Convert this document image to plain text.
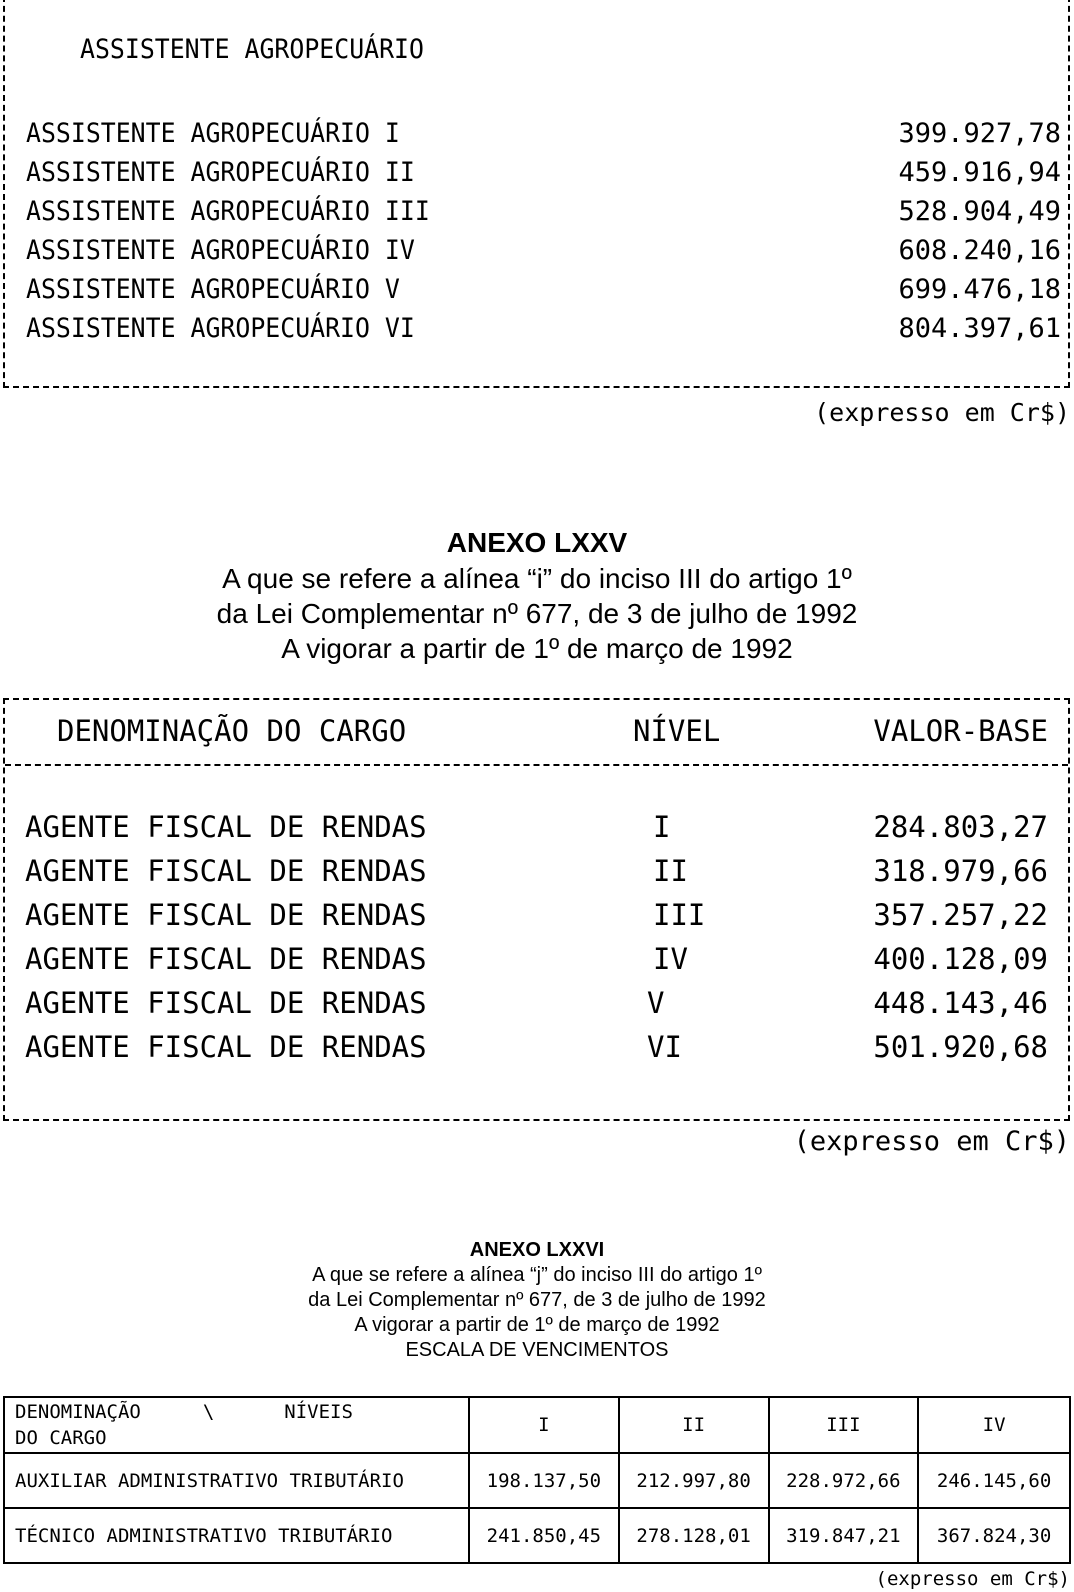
ASSISTENTE AGROPECUÁRIO
ASSISTENTE AGROPECUÁRIO I	399.927,78
ASSISTENTE AGROPECUÁRIO II	459.916,94
ASSISTENTE AGROPECUÁRIO III	528.904,49
ASSISTENTE AGROPECUÁRIO IV	608.240,16
ASSISTENTE AGROPECUÁRIO V	699.476,18
ASSISTENTE AGROPECUÁRIO VI	804.397,61
(expresso em Cr$)
ANEXO LXXV
A que se refere a alínea “i” do inciso III do artigo 1º
da Lei Complementar nº 677, de 3 de julho de 1992
A vigorar a partir de 1º de março de 1992
DENOMINAÇÃO DO CARGO	NÍVEL	VALOR-BASE
AGENTE FISCAL DE RENDAS	I	284.803,27
AGENTE FISCAL DE RENDAS	II	318.979,66
AGENTE FISCAL DE RENDAS	III	357.257,22
AGENTE FISCAL DE RENDAS	IV	400.128,09
AGENTE FISCAL DE RENDAS	V	448.143,46
AGENTE FISCAL DE RENDAS	VI	501.920,68
(expresso em Cr$)
ANEXO LXXVI
A que se refere a alínea “j” do inciso III do artigo 1º
da Lei Complementar nº 677, de 3 de julho de 1992
A vigorar a partir de 1º de março de 1992
ESCALA DE VENCIMENTOS
DENOMINAÇÃO \ NÍVEIS
DO CARGO	I	II	III	IV
AUXILIAR ADMINISTRATIVO TRIBUTÁRIO	198.137,50	212.997,80	228.972,66	246.145,60
TÉCNICO ADMINISTRATIVO TRIBUTÁRIO	241.850,45	278.128,01	319.847,21	367.824,30
(expresso em Cr$)
